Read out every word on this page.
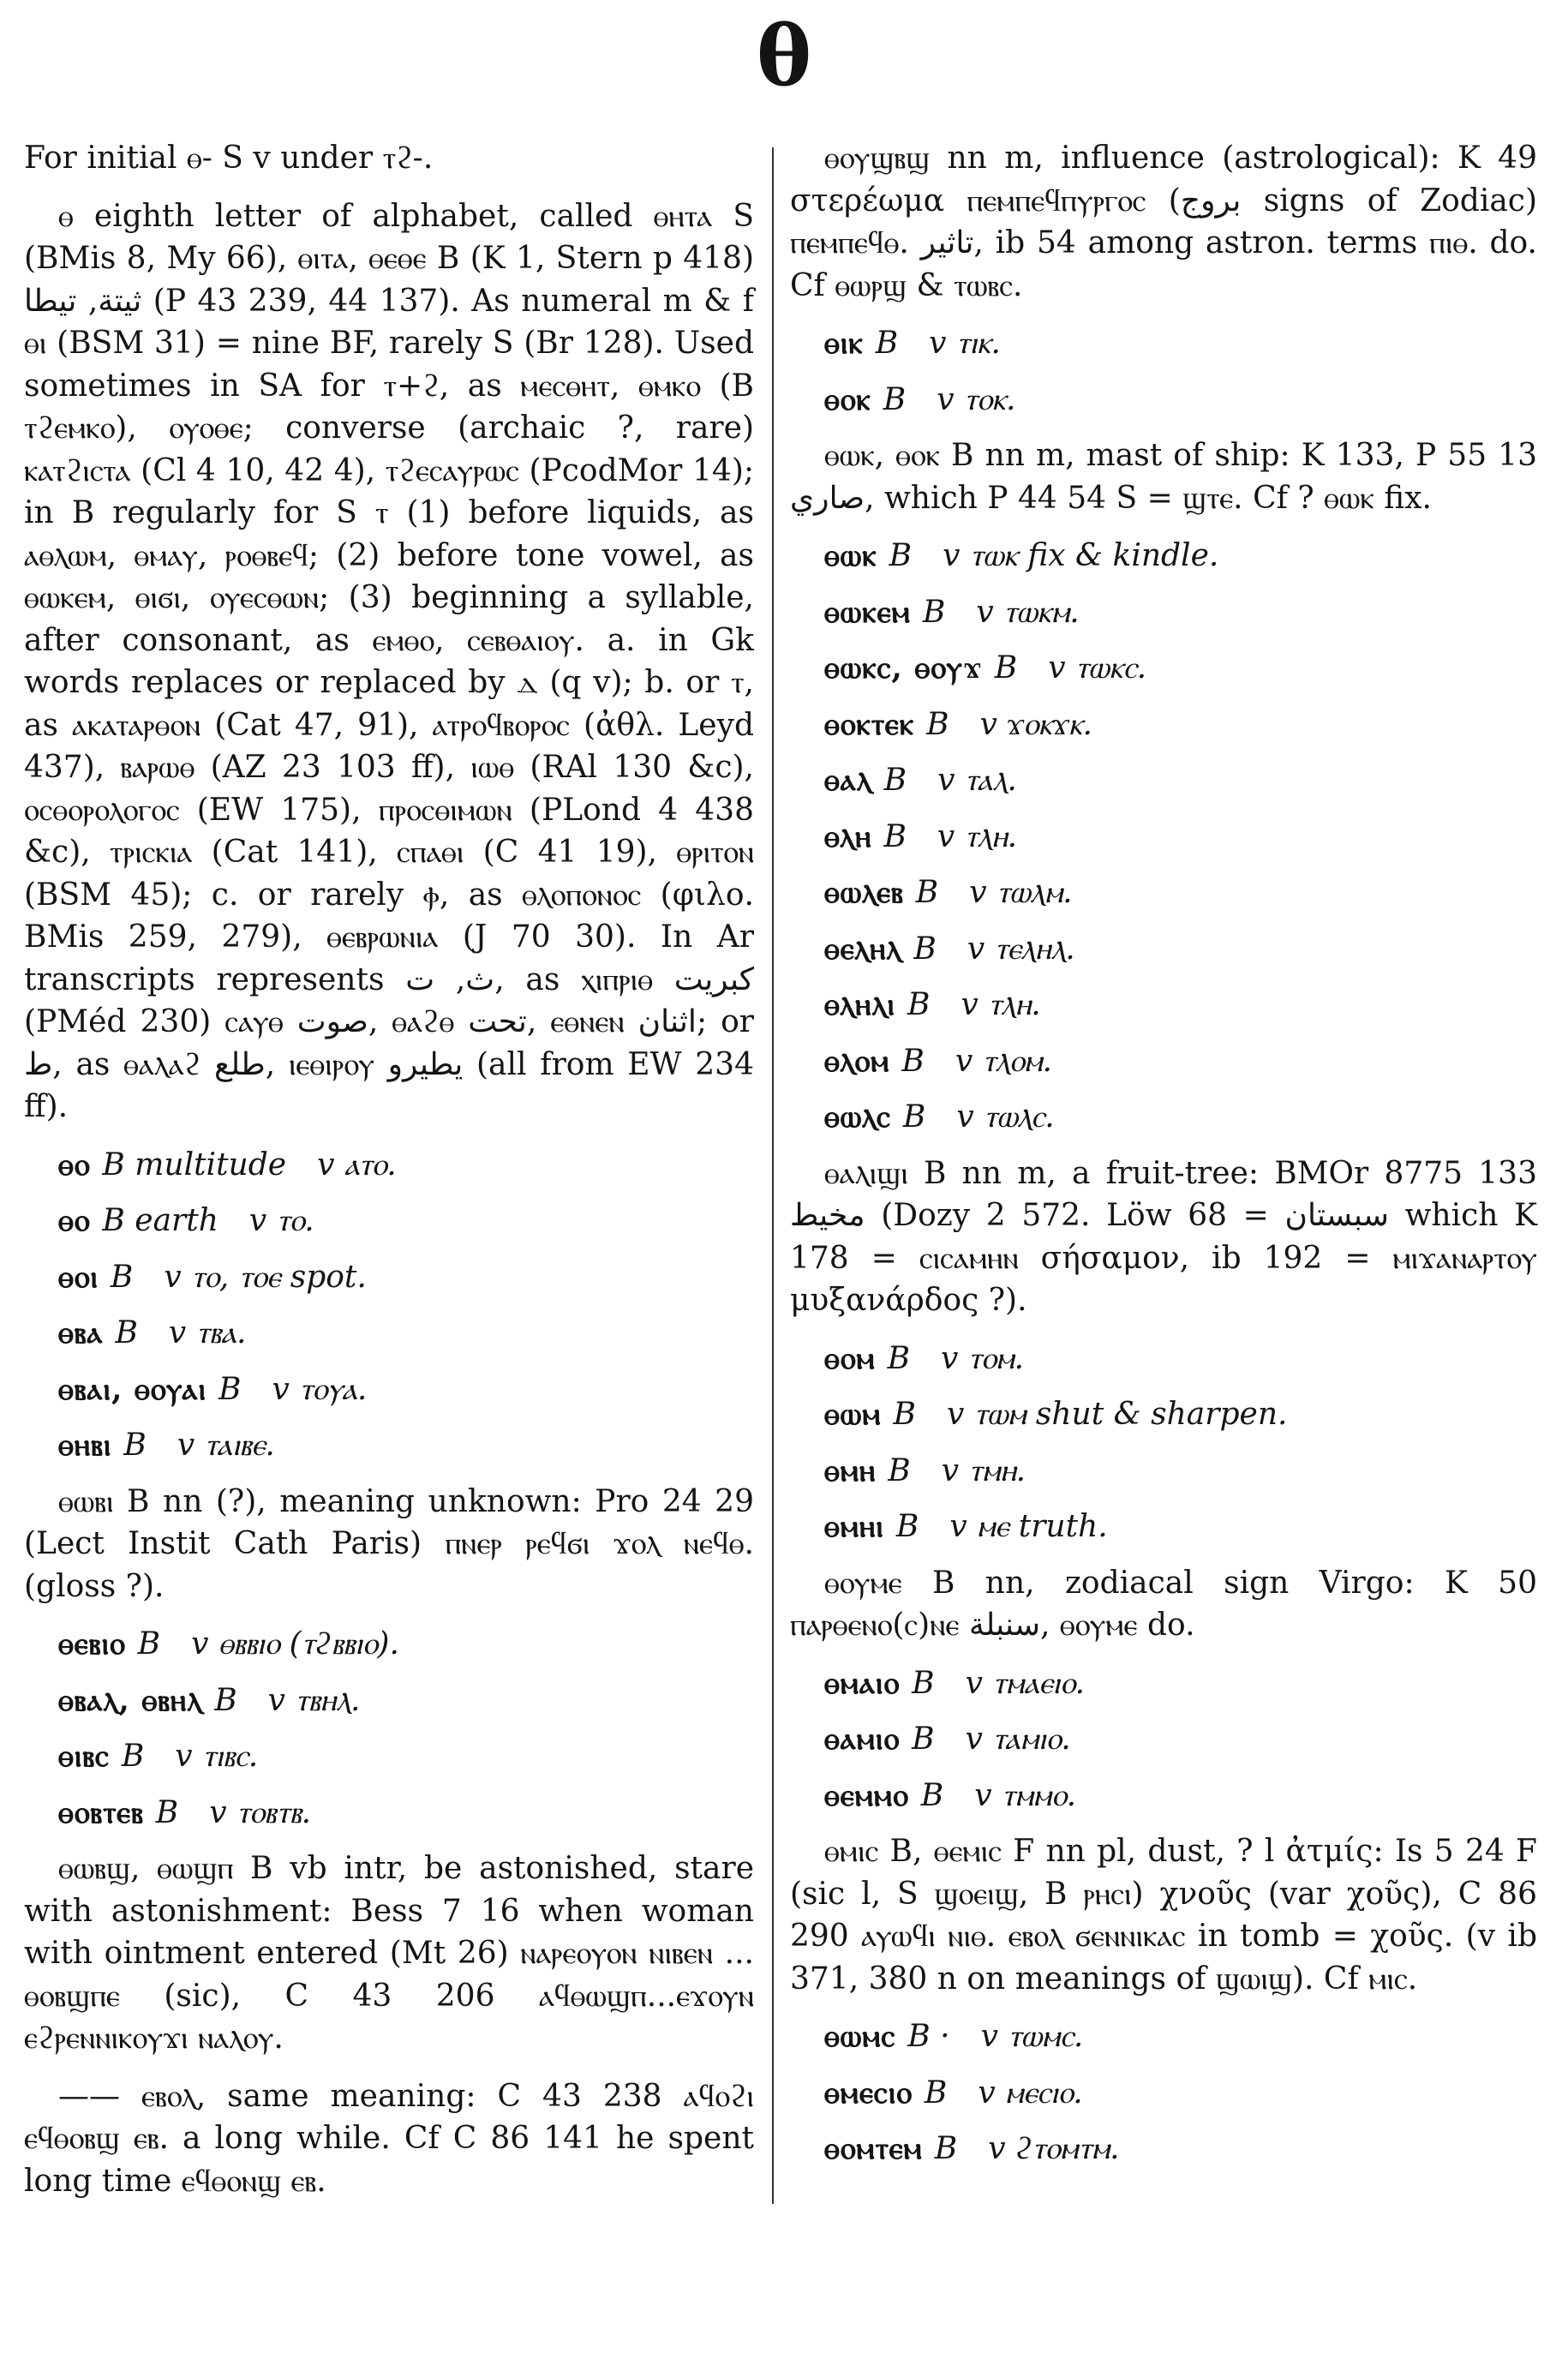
θ

For initial ⲑ- S v under ⲧϩ-.

ⲑ eighth letter of alphabet, called ⲑⲏⲧⲁ S (BMis 8, My 66), ⲑⲓⲧⲁ, ⲑⲉⲑⲉ B (K 1, Stern p 418) ثيتة, تيطا (P 43 239, 44 137). As numeral m & f ⲑⲓ (BSM 31) = nine BF, rarely S (Br 128). Used sometimes in SA for ⲧ+ϩ, as ⲙⲉⲥⲑⲏⲧ, ⲑⲙⲕⲟ (B ⲧϩⲉⲙⲕⲟ), ⲟⲩⲟⲑⲉ; converse (archaic ?, rare) ⲕⲁⲧϩⲓⲥⲧⲁ (Cl 4 10, 42 4), ⲧϩⲉⲥⲁⲩⲣⲱⲥ (PcodMor 14); in B regularly for S ⲧ (1) before liquids, as ⲁⲑⲗⲱⲙ, ⲑⲙⲁⲩ, ⲣⲟⲑⲃⲉϥ; (2) before tone vowel, as ⲑⲱⲕⲉⲙ, ⲑⲓϭⲓ, ⲟⲩⲉⲥⲑⲱⲛ; (3) beginning a syllable, after consonant, as ⲉⲙⲑⲟ, ⲥⲉⲃⲑⲁⲓⲟⲩ. a. in Gk words replaces or replaced by ⲇ (q v); b. or ⲧ, as ⲁⲕⲁⲧⲁⲣⲑⲟⲛ (Cat 47, 91), ⲁⲧⲣⲟϥⲃⲟⲣⲟⲥ (ἀθλ. Leyd 437), ⲃⲁⲣⲱⲑ (AZ 23 103 ff), ⲓⲱⲑ (RAl 130 &c), ⲟⲥⲑⲟⲣⲟⲗⲟⲅⲟⲥ (EW 175), ⲡⲣⲟⲥⲑⲓⲙⲱⲛ (PLond 4 438 &c), ⲧⲣⲓⲥⲕⲓⲁ (Cat 141), ⲥⲡⲁⲑⲓ (C 41 19), ⲑⲣⲓⲧⲟⲛ (BSM 45); c. or rarely ⲫ, as ⲑⲗⲟⲡⲟⲛⲟⲥ (φιλο. BMis 259, 279), ⲑⲉⲃⲣⲱⲛⲓⲁ (J 70 30). In Ar transcripts represents ث, ت, as ⲭⲓⲡⲣⲓⲑ كبريت (PMéd 230) ⲥⲁⲩⲑ صوت, ⲑⲁϩⲑ تحت, ⲉⲑⲛⲉⲛ اثنان; or ط, as ⲑⲁⲗⲁϩ طلع, ⲓⲉⲑⲓⲣⲟⲩ يطيرو (all from EW 234 ff).

ⲑⲟ B multitude v ⲁⲧⲟ.
ⲑⲟ B earth v ⲧⲟ.
ⲑⲟⲓ B v ⲧⲟ, ⲧⲟⲉ spot.
ⲑⲃⲁ B v ⲧⲃⲁ.
ⲑⲃⲁⲓ, ⲑⲟⲩⲁⲓ B v ⲧⲟⲩⲁ.
ⲑⲏⲃⲓ B v ⲧⲁⲓⲃⲉ.

ⲑⲱⲃⲓ B nn (?), meaning unknown: Pro 24 29 (Lect Instit Cath Paris) ⲡⲛⲉⲣ ⲣⲉϥϭⲓ ϫⲟⲗ ⲛⲉϥⲑ. (gloss ?).

ⲑⲉⲃⲓⲟ B v ⲑⲃⲃⲓⲟ (ⲧϩⲃⲃⲓⲟ).
ⲑⲃⲁⲗ, ⲑⲃⲏⲗ B v ⲧⲃⲏⲗ.
ⲑⲓⲃⲥ B v ⲧⲓⲃⲥ.
ⲑⲟⲃⲧⲉⲃ B v ⲧⲟⲃⲧⲃ.

ⲑⲱⲃϣ, ⲑⲱϣⲡ B vb intr, be astonished, stare with astonishment: Bess 7 16 when woman with ointment entered (Mt 26) ⲛⲁⲣⲉⲟⲩⲟⲛ ⲛⲓⲃⲉⲛ ... ⲑⲟⲃϣⲡⲉ (sic), C 43 206 ⲁϥⲑⲱϣⲡ...ⲉϫⲟⲩⲛ ⲉϩⲣⲉⲛⲛⲓⲕⲟⲩϫⲓ ⲛⲁⲗⲟⲩ.

—— ⲉⲃⲟⲗ, same meaning: C 43 238 ⲁϥⲟϩⲓ ⲉϥⲑⲟⲃϣ ⲉⲃ. a long while. Cf C 86 141 he spent long time ⲉϥⲑⲟⲛϣ ⲉⲃ.

ⲑⲟⲩϣⲃϣ nn m, influence (astrological): K 49 στερέωμα ⲡⲉⲙⲡⲉϥⲡⲩⲣⲅⲟⲥ (بروج signs of Zodiac) ⲡⲉⲙⲡⲉϥⲑ. تاثير, ib 54 among astron. terms ⲡⲓⲑ. do. Cf ⲑⲱⲣϣ & ⲧⲱⲃⲥ.

ⲑⲓⲕ B v ⲧⲓⲕ.
ⲑⲟⲕ B v ⲧⲟⲕ.

ⲑⲱⲕ, ⲑⲟⲕ B nn m, mast of ship: K 133, P 55 13 صاري, which P 44 54 S = ϣⲧⲉ. Cf ? ⲑⲱⲕ fix.

ⲑⲱⲕ B v ⲧⲱⲕ fix & kindle.
ⲑⲱⲕⲉⲙ B v ⲧⲱⲕⲙ.
ⲑⲱⲕⲥ, ⲑⲟⲩϫ B v ⲧⲱⲕⲥ.
ⲑⲟⲕⲧⲉⲕ B v ϫⲟⲕϫⲕ.
ⲑⲁⲗ B v ⲧⲁⲗ.
ⲑⲗⲏ B v ⲧⲗⲏ.
ⲑⲱⲗⲉⲃ B v ⲧⲱⲗⲙ.
ⲑⲉⲗⲏⲗ B v ⲧⲉⲗⲏⲗ.
ⲑⲗⲏⲗⲓ B v ⲧⲗⲏ.
ⲑⲗⲟⲙ B v ⲧⲗⲟⲙ.
ⲑⲱⲗⲥ B v ⲧⲱⲗⲥ.

ⲑⲁⲗⲓϣⲓ B nn m, a fruit-tree: BMOr 8775 133 مخيط (Dozy 2 572. Löw 68 = سبستان which K 178 = ⲥⲓⲥⲁⲙⲏⲛ σήσαμον, ib 192 = ⲙⲓϫⲁⲛⲁⲣⲧⲟⲩ μυξανάρδος ?).

ⲑⲟⲙ B v ⲧⲟⲙ.
ⲑⲱⲙ B v ⲧⲱⲙ shut & sharpen.
ⲑⲙⲏ B v ⲧⲙⲏ.
ⲑⲙⲏⲓ B v ⲙⲉ truth.

ⲑⲟⲩⲙⲉ B nn, zodiacal sign Virgo: K 50 ⲡⲁⲣⲑⲉⲛⲟ(ⲥ)ⲛⲉ سنبلة, ⲑⲟⲩⲙⲉ do.

ⲑⲙⲁⲓⲟ B v ⲧⲙⲁⲉⲓⲟ.
ⲑⲁⲙⲓⲟ B v ⲧⲁⲙⲓⲟ.
ⲑⲉⲙⲙⲟ B v ⲧⲙⲙⲟ.

ⲑⲙⲓⲥ B, ⲑⲉⲙⲓⲥ F nn pl, dust, ? l ἀτμίς: Is 5 24 F (sic l, S ϣⲟⲉⲓϣ, B ⲣⲏⲥⲓ) χνοῦς (var χοῦς), C 86 290 ⲁⲩⲱϥⲓ ⲛⲓⲑ. ⲉⲃⲟⲗ ϭⲉⲛⲛⲓⲕⲁⲥ in tomb = χοῦς. (v ib 371, 380 n on meanings of ϣⲱⲓϣ). Cf ⲙⲓⲥ.

ⲑⲱⲙⲥ B · v ⲧⲱⲙⲥ.
ⲑⲙⲉⲥⲓⲟ B v ⲙⲉⲥⲓⲟ.
ⲑⲟⲙⲧⲉⲙ B v ϩⲧⲟⲙⲧⲙ.
